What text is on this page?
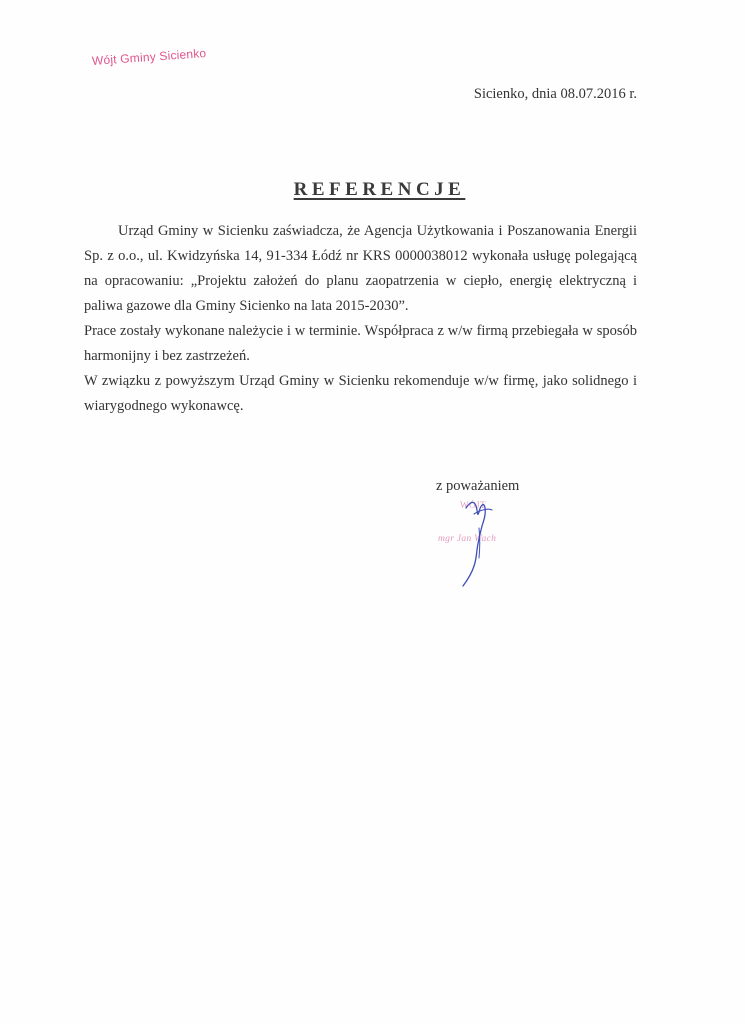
Wójt Gminy Sicienko
Sicienko, dnia 08.07.2016 r.
REFERENCJE

Urząd Gminy w Sicienku zaświadcza, że Agencja Użytkowania i Poszanowania Energii Sp. z o.o., ul. Kwidzyńska 14, 91-334 Łódź nr KRS 0000038012 wykonała usługę polegającą na opracowaniu: „Projektu założeń do planu zaopatrzenia w ciepło, energię elektryczną i paliwa gazowe dla Gminy Sicienko na lata 2015-2030”.

Prace zostały wykonane należycie i w terminie. Współpraca z w/w firmą przebiegała w sposób harmonijny i bez zastrzeżeń.

W związku z powyższym Urząd Gminy w Sicienku rekomenduje w/w firmę, jako solidnego i wiarygodnego wykonawcę.

z poważaniem
WÓJT
mgr Jan Wach
